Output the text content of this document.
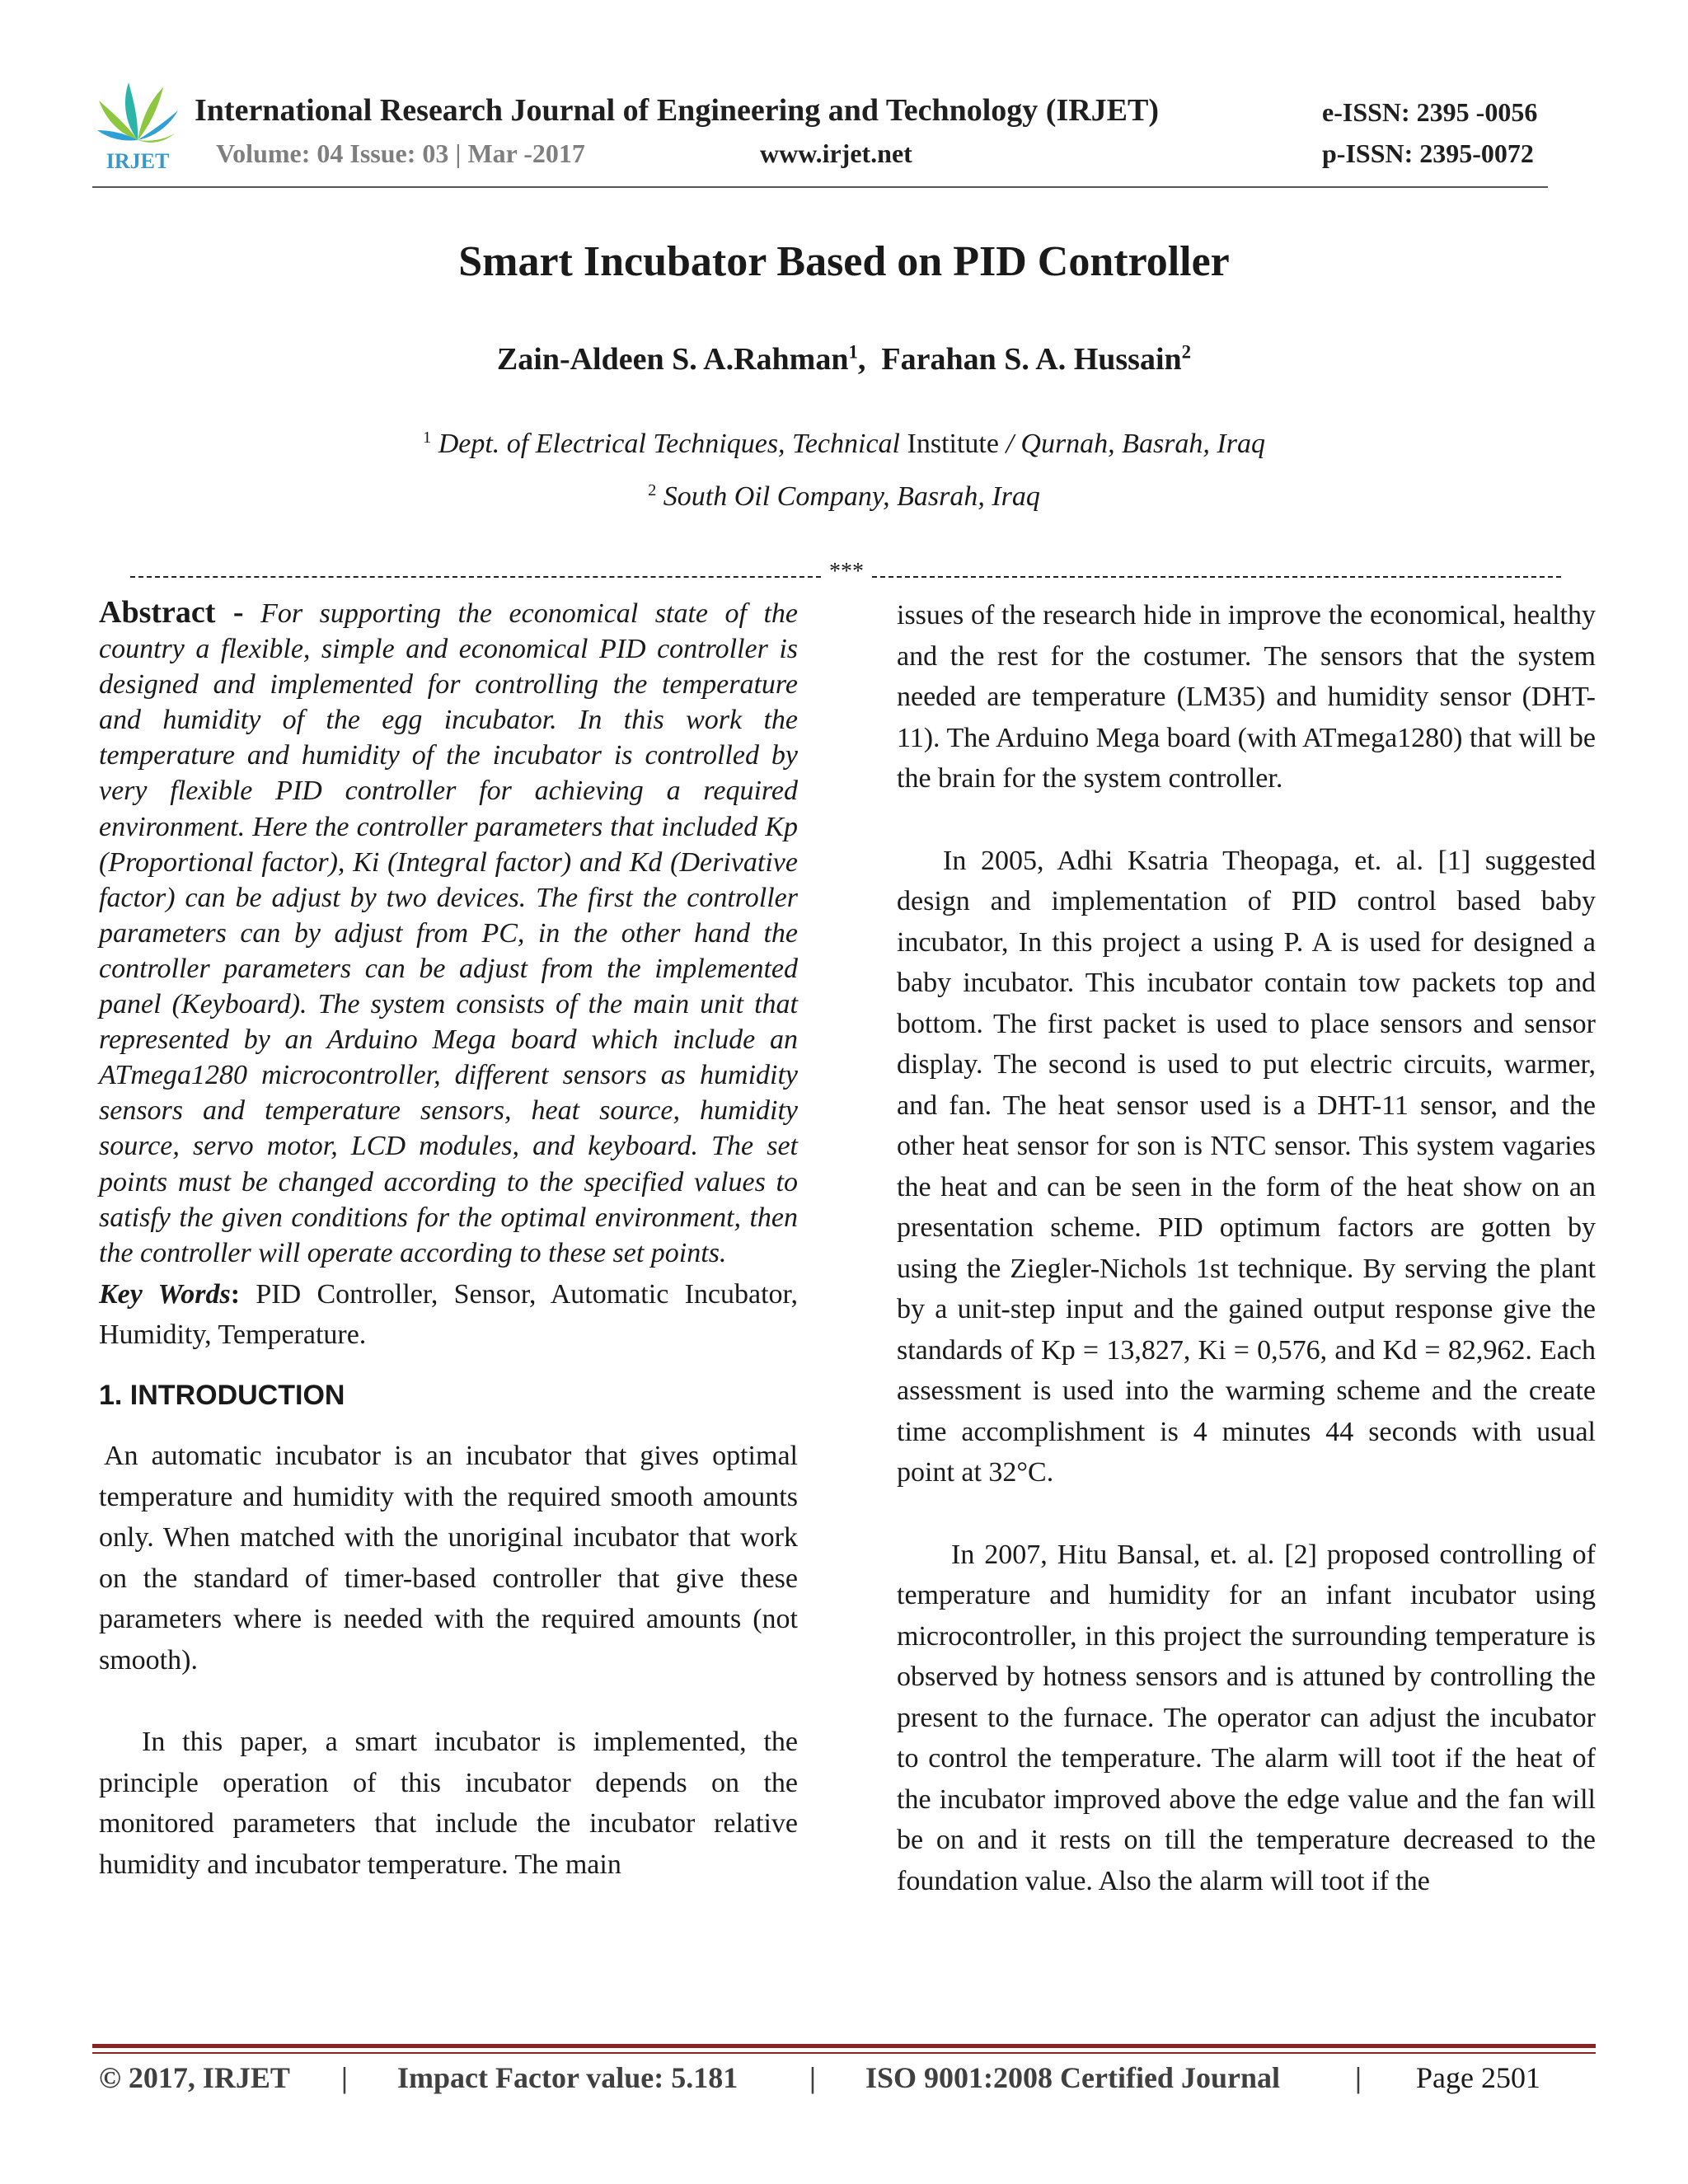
IRJET
International Research Journal of Engineering and Technology (IRJET)
Volume: 04 Issue: 03 | Mar -2017	www.irjet.net
e-ISSN: 2395 -0056
p-ISSN: 2395-0072
Smart Incubator Based on PID Controller
Zain-Aldeen S. A.Rahman$^1$, Farahan S. A. Hussain$^2$
$^1$ Dept. of Electrical Techniques, Technical Institute / Qurnah, Basrah, Iraq
$^2$ South Oil Company, Basrah, Iraq
***

Abstract - For supporting the economical state of the country a flexible, simple and economical PID controller is designed and implemented for controlling the temperature and humidity of the egg incubator. In this work the temperature and humidity of the incubator is controlled by very flexible PID controller for achieving a required environment. Here the controller parameters that included Kp (Proportional factor), Ki (Integral factor) and Kd (Derivative factor) can be adjust by two devices. The first the controller parameters can by adjust from PC, in the other hand the controller parameters can be adjust from the implemented panel (Keyboard). The system consists of the main unit that represented by an Arduino Mega board which include an ATmega1280 microcontroller, different sensors as humidity sensors and temperature sensors, heat source, humidity source, servo motor, LCD modules, and keyboard. The set points must be changed according to the specified values to satisfy the given conditions for the optimal environment, then the controller will operate according to these set points.

Key Words: PID Controller, Sensor, Automatic Incubator, Humidity, Temperature.

1. INTRODUCTION

An automatic incubator is an incubator that gives optimal temperature and humidity with the required smooth amounts only. When matched with the unoriginal incubator that work on the standard of timer-based controller that give these parameters where is needed with the required amounts (not smooth).

In this paper, a smart incubator is implemented, the principle operation of this incubator depends on the monitored parameters that include the incubator relative humidity and incubator temperature. The main

issues of the research hide in improve the economical, healthy and the rest for the costumer. The sensors that the system needed are temperature (LM35) and humidity sensor (DHT-11). The Arduino Mega board (with ATmega1280) that will be the brain for the system controller.

In 2005, Adhi Ksatria Theopaga, et. al. [1] suggested design and implementation of PID control based baby incubator, In this project a using P. A is used for designed a baby incubator. This incubator contain tow packets top and bottom. The first packet is used to place sensors and sensor display. The second is used to put electric circuits, warmer, and fan. The heat sensor used is a DHT-11 sensor, and the other heat sensor for son is NTC sensor. This system vagaries the heat and can be seen in the form of the heat show on an presentation scheme. PID optimum factors are gotten by using the Ziegler-Nichols 1st technique. By serving the plant by a unit-step input and the gained output response give the standards of Kp = 13,827, Ki = 0,576, and Kd = 82,962. Each assessment is used into the warming scheme and the create time accomplishment is 4 minutes 44 seconds with usual point at 32°C.

In 2007, Hitu Bansal, et. al. [2] proposed controlling of temperature and humidity for an infant incubator using microcontroller, in this project the surrounding temperature is observed by hotness sensors and is attuned by controlling the present to the furnace. The operator can adjust the incubator to control the temperature. The alarm will toot if the heat of the incubator improved above the edge value and the fan will be on and it rests on till the temperature decreased to the foundation value. Also the alarm will toot if the

© 2017, IRJET | Impact Factor value: 5.181 | ISO 9001:2008 Certified Journal	| Page 2501
